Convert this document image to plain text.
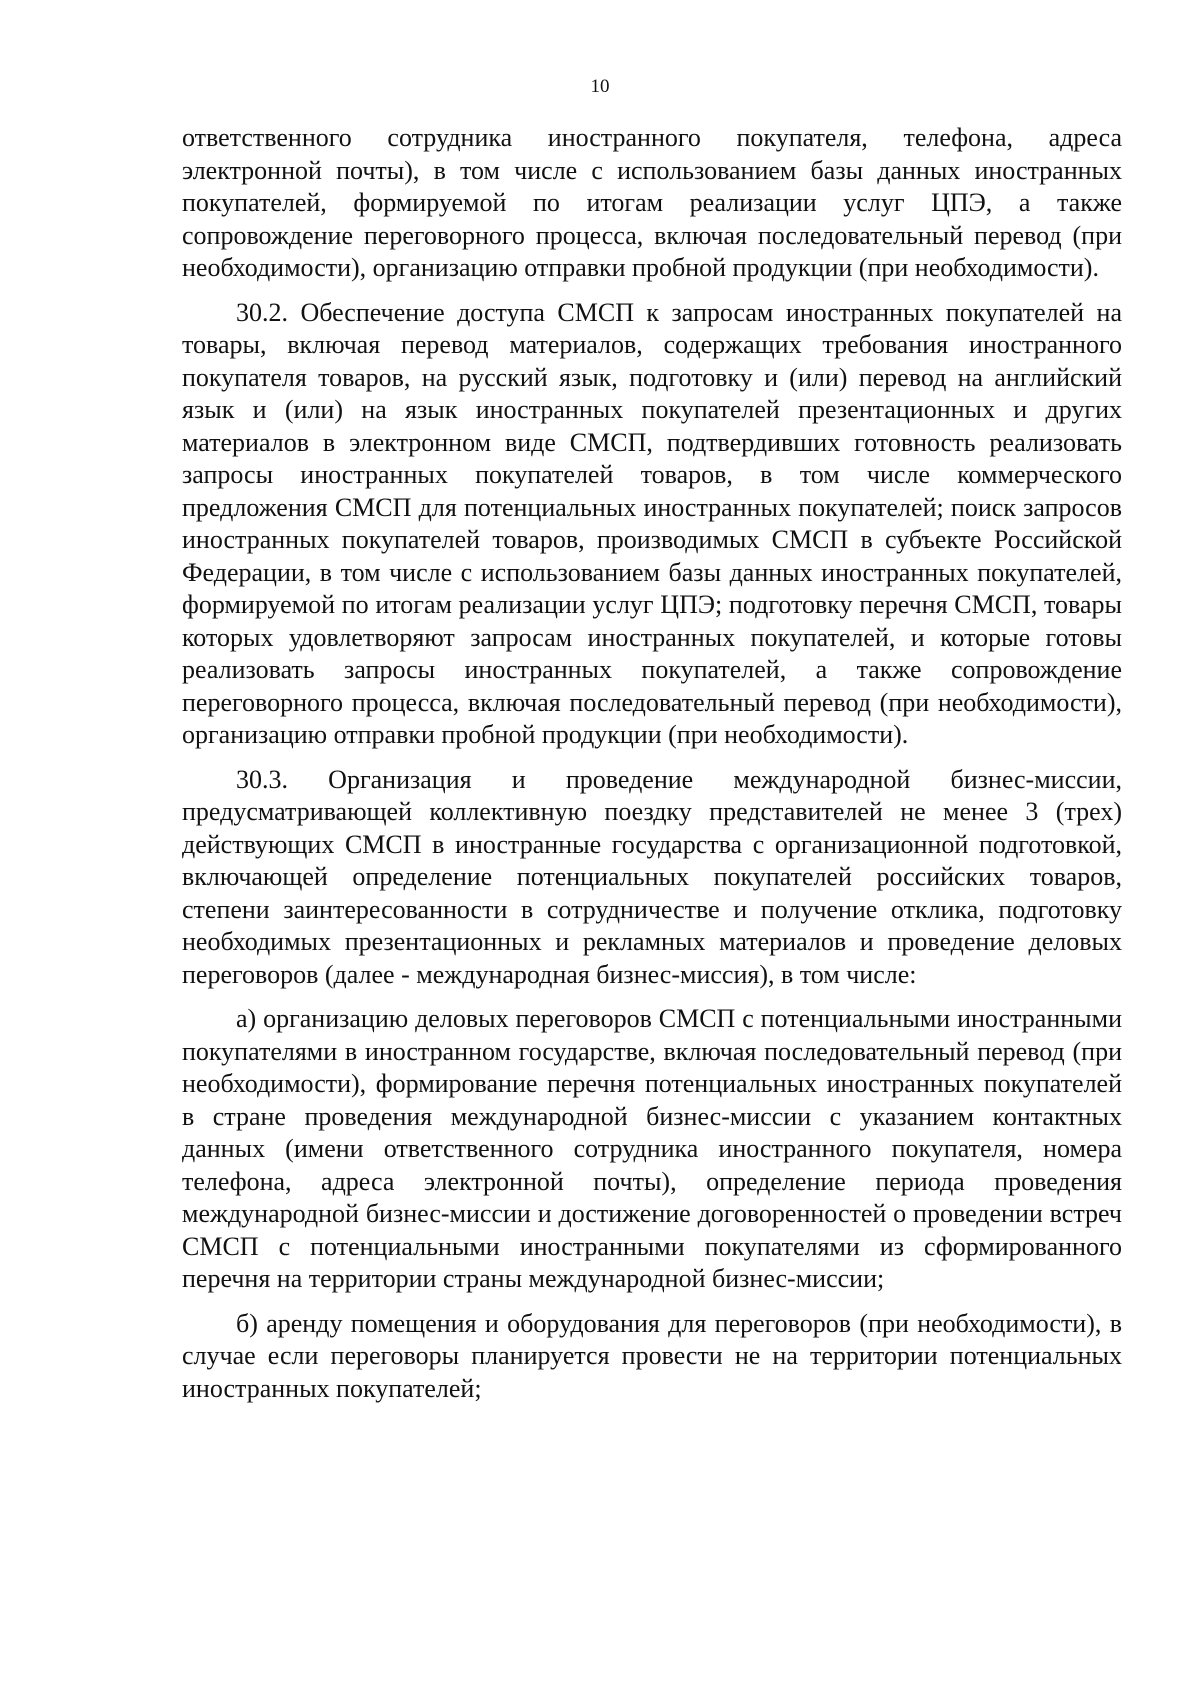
10

ответственного сотрудника иностранного покупателя, телефона, адреса электронной почты), в том числе с использованием базы данных иностранных покупателей, формируемой по итогам реализации услуг ЦПЭ, а также сопровождение переговорного процесса, включая последовательный перевод (при необходимости), организацию отправки пробной продукции (при необходимости).

30.2. Обеспечение доступа СМСП к запросам иностранных покупателей на товары, включая перевод материалов, содержащих требования иностранного покупателя товаров, на русский язык, подготовку и (или) перевод на английский язык и (или) на язык иностранных покупателей презентационных и других материалов в электронном виде СМСП, подтвердивших готовность реализовать запросы иностранных покупателей товаров, в том числе коммерческого предложения СМСП для потенциальных иностранных покупателей; поиск запросов иностранных покупателей товаров, производимых СМСП в субъекте Российской Федерации, в том числе с использованием базы данных иностранных покупателей, формируемой по итогам реализации услуг ЦПЭ; подготовку перечня СМСП, товары которых удовлетворяют запросам иностранных покупателей, и которые готовы реализовать запросы иностранных покупателей, а также сопровождение переговорного процесса, включая последовательный перевод (при необходимости), организацию отправки пробной продукции (при необходимости).

30.3. Организация и проведение международной бизнес-миссии, предусматривающей коллективную поездку представителей не менее 3 (трех) действующих СМСП в иностранные государства с организационной подготовкой, включающей определение потенциальных покупателей российских товаров, степени заинтересованности в сотрудничестве и получение отклика, подготовку необходимых презентационных и рекламных материалов и проведение деловых переговоров (далее - международная бизнес-миссия), в том числе:

а) организацию деловых переговоров СМСП с потенциальными иностранными покупателями в иностранном государстве, включая последовательный перевод (при необходимости), формирование перечня потенциальных иностранных покупателей в стране проведения международной бизнес-миссии с указанием контактных данных (имени ответственного сотрудника иностранного покупателя, номера телефона, адреса электронной почты), определение периода проведения международной бизнес-миссии и достижение договоренностей о проведении встреч СМСП с потенциальными иностранными покупателями из сформированного перечня на территории страны международной бизнес-миссии;

б) аренду помещения и оборудования для переговоров (при необходимости), в случае если переговоры планируется провести не на территории потенциальных иностранных покупателей;
